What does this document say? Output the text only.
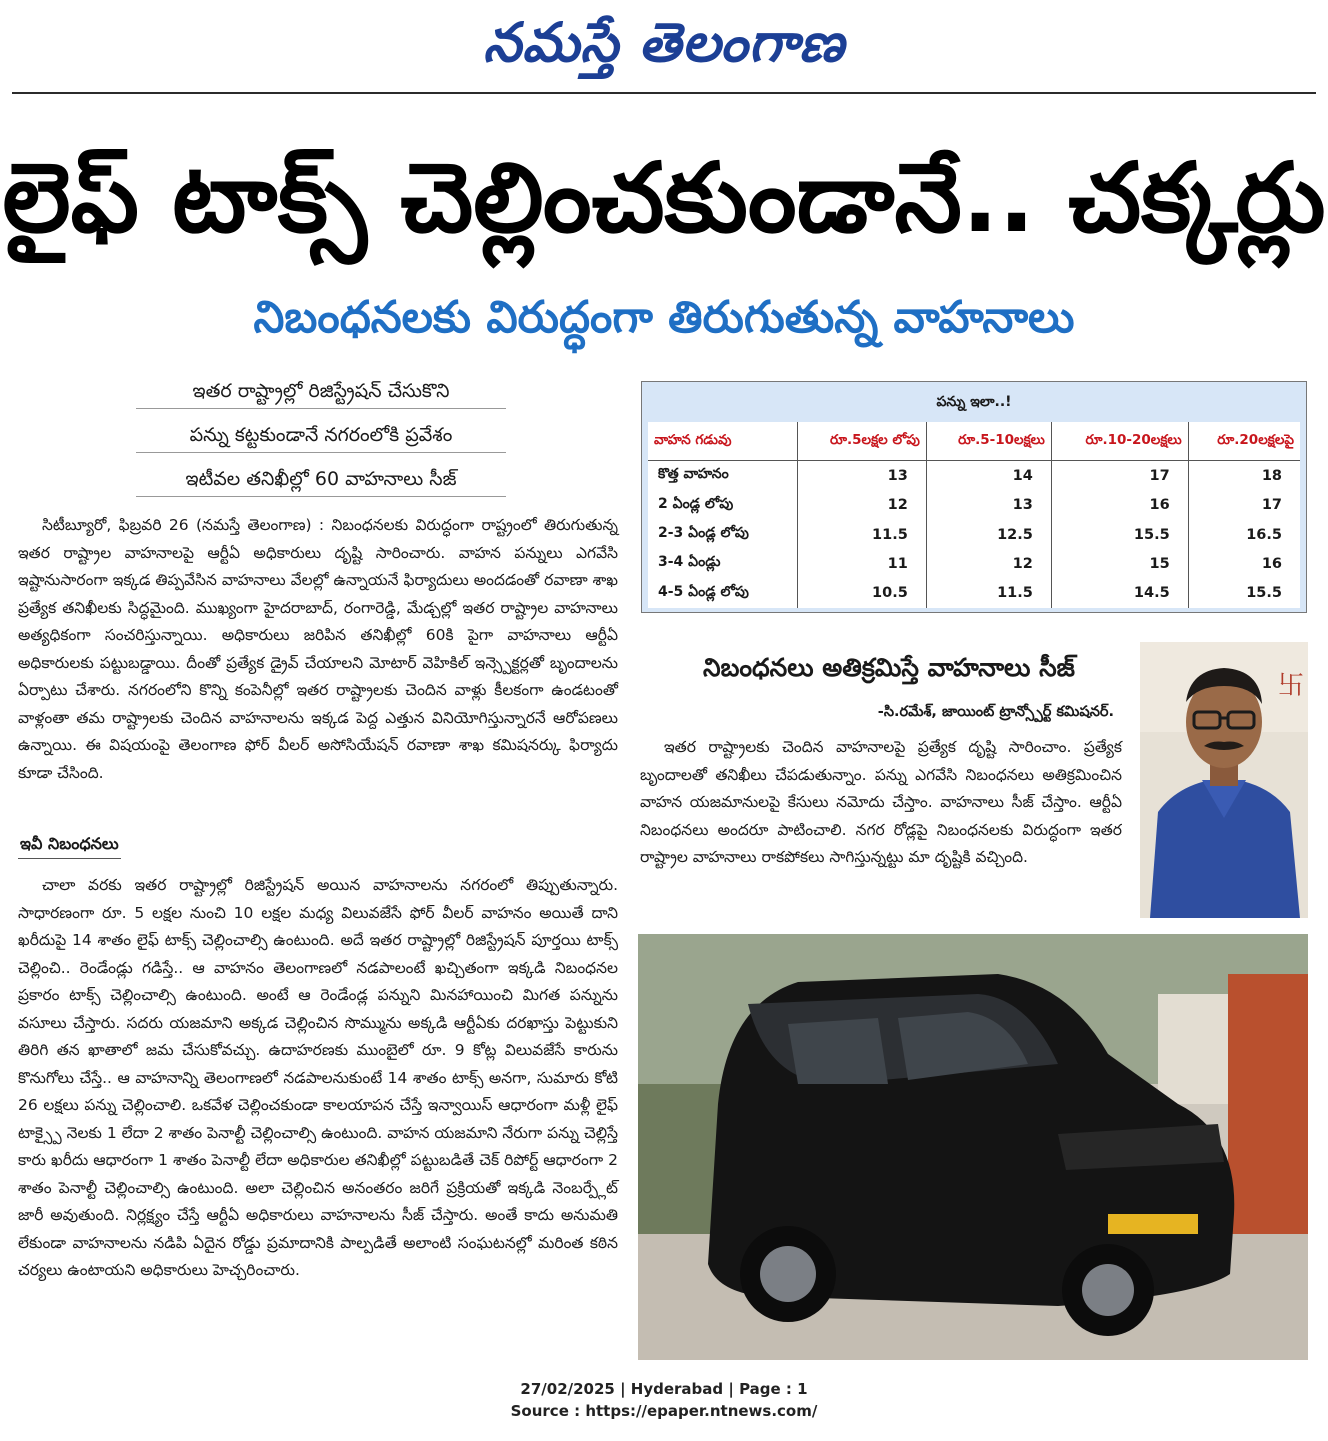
నమస్తే తెలంగాణ
లైఫ్ టాక్స్ చెల్లించకుండానే.. చక్కర్లు
నిబంధనలకు విరుద్ధంగా తిరుగుతున్న వాహనాలు
ఇతర రాష్ట్రాల్లో రిజిస్ట్రేషన్ చేసుకొని
పన్ను కట్టకుండానే నగరంలోకి ప్రవేశం
ఇటీవల తనిఖీల్లో 60 వాహనాలు సీజ్

సిటీబ్యూరో, ఫిబ్రవరి 26 (నమస్తే తెలంగాణ) : నిబంధనలకు విరుద్ధంగా రాష్ట్రంలో తిరుగుతున్న ఇతర రాష్ట్రాల వాహనాలపై ఆర్టీఏ అధికారులు దృష్టి సారించారు. వాహన పన్నులు ఎగవేసి ఇష్టానుసారంగా ఇక్కడ తిప్పవేసిన వాహనాలు వేలల్లో ఉన్నాయనే ఫిర్యాదులు అందడంతో రవాణా శాఖ ప్రత్యేక తనిఖీలకు సిద్ధమైంది. ముఖ్యంగా హైదరాబాద్, రంగారెడ్డి, మేడ్చల్లో ఇతర రాష్ట్రాల వాహనాలు అత్యధికంగా సంచరిస్తున్నాయి. అధికారులు జరిపిన తనిఖీల్లో 60కి పైగా వాహనాలు ఆర్టీఏ అధికారులకు పట్టుబడ్డాయి. దీంతో ప్రత్యేక డ్రైవ్ చేయాలని మోటార్ వెహికిల్ ఇన్స్పెక్టర్లతో బృందాలను ఏర్పాటు చేశారు. నగరంలోని కొన్ని కంపెనీల్లో ఇతర రాష్ట్రాలకు చెందిన వాళ్లు కీలకంగా ఉండటంతో వాళ్లంతా తమ రాష్ట్రాలకు చెందిన వాహనాలను ఇక్కడ పెద్ద ఎత్తున వినియోగిస్తున్నారనే ఆరోపణలు ఉన్నాయి. ఈ విషయంపై తెలంగాణ ఫోర్ వీలర్ అసోసియేషన్ రవాణా శాఖ కమిషనర్కు ఫిర్యాదు కూడా చేసింది.

ఇవీ నిబంధనలు

చాలా వరకు ఇతర రాష్ట్రాల్లో రిజిస్ట్రేషన్ అయిన వాహనాలను నగరంలో తిప్పుతున్నారు. సాధారణంగా రూ. 5 లక్షల నుంచి 10 లక్షల మధ్య విలువజేసే ఫోర్ వీలర్ వాహనం అయితే దాని ఖరీదుపై 14 శాతం లైఫ్ టాక్స్ చెల్లించాల్సి ఉంటుంది. అదే ఇతర రాష్ట్రాల్లో రిజిస్ట్రేషన్ పూర్తయి టాక్స్ చెల్లించి.. రెండేండ్లు గడిస్తే.. ఆ వాహనం తెలంగాణలో నడపాలంటే ఖచ్చితంగా ఇక్కడి నిబంధనల ప్రకారం టాక్స్ చెల్లించాల్సి ఉంటుంది. అంటే ఆ రెండేండ్ల పన్నుని మినహాయించి మిగత పన్నును వసూలు చేస్తారు. సదరు యజమాని అక్కడ చెల్లించిన సొమ్మును అక్కడి ఆర్టీఏకు దరఖాస్తు పెట్టుకుని తిరిగి తన ఖాతాలో జమ చేసుకోవచ్చు. ఉదాహరణకు ముంబైలో రూ. 9 కోట్ల విలువజేసే కారును కొనుగోలు చేస్తే.. ఆ వాహనాన్ని తెలంగాణలో నడపాలనుకుంటే 14 శాతం టాక్స్ అనగా, సుమారు కోటి 26 లక్షలు పన్ను చెల్లించాలి. ఒకవేళ చెల్లించకుండా కాలయాపన చేస్తే ఇన్వాయిస్ ఆధారంగా మళ్లీ లైఫ్ టాక్స్పై నెలకు 1 లేదా 2 శాతం పెనాల్టీ చెల్లించాల్సి ఉంటుంది. వాహన యజమాని నేరుగా పన్ను చెల్లిస్తే కారు ఖరీదు ఆధారంగా 1 శాతం పెనాల్టీ లేదా అధికారుల తనిఖీల్లో పట్టుబడితే చెక్ రిపోర్ట్ ఆధారంగా 2 శాతం పెనాల్టీ చెల్లించాల్సి ఉంటుంది. అలా చెల్లించిన అనంతరం జరిగే ప్రక్రియతో ఇక్కడి నెంబర్ప్లేట్ జారీ అవుతుంది. నిర్లక్ష్యం చేస్తే ఆర్టీఏ అధికారులు వాహనాలను సీజ్ చేస్తారు. అంతే కాదు అనుమతి లేకుండా వాహనాలను నడిపి ఏదైన రోడ్డు ప్రమాదానికి పాల్పడితే అలాంటి సంఘటనల్లో మరింత కఠిన చర్యలు ఉంటాయని అధికారులు హెచ్చరించారు.

పన్ను ఇలా..!
వాహన గడువు	రూ.5లక్షల లోపు	రూ.5-10లక్షలు	రూ.10-20లక్షలు	రూ.20లక్షలపై
కొత్త వాహనం	13	14	17	18
2 ఏండ్ల లోపు	12	13	16	17
2-3 ఏండ్ల లోపు	11.5	12.5	15.5	16.5
3-4 ఏండ్లు	11	12	15	16
4-5 ఏండ్ల లోపు	10.5	11.5	14.5	15.5
నిబంధనలు అతిక్రమిస్తే వాహనాలు సీజ్
-సి.రమేశ్, జాయింట్ ట్రాన్స్పోర్ట్ కమిషనర్.

ఇతర రాష్ట్రాలకు చెందిన వాహనాలపై ప్రత్యేక దృష్టి సారించాం. ప్రత్యేక బృందాలతో తనిఖీలు చేపడుతున్నాం. పన్ను ఎగవేసి నిబంధనలు అతిక్రమించిన వాహన యజమానులపై కేసులు నమోదు చేస్తాం. వాహనాలు సీజ్ చేస్తాం. ఆర్టీఏ నిబంధనలు అందరూ పాటించాలి. నగర రోడ్లపై నిబంధనలకు విరుద్ధంగా ఇతర రాష్ట్రాల వాహనాలు రాకపోకలు సాగిస్తున్నట్టు మా దృష్టికి వచ్చింది.

卐
27/02/2025 | Hyderabad | Page : 1
Source : https://epaper.ntnews.com/
